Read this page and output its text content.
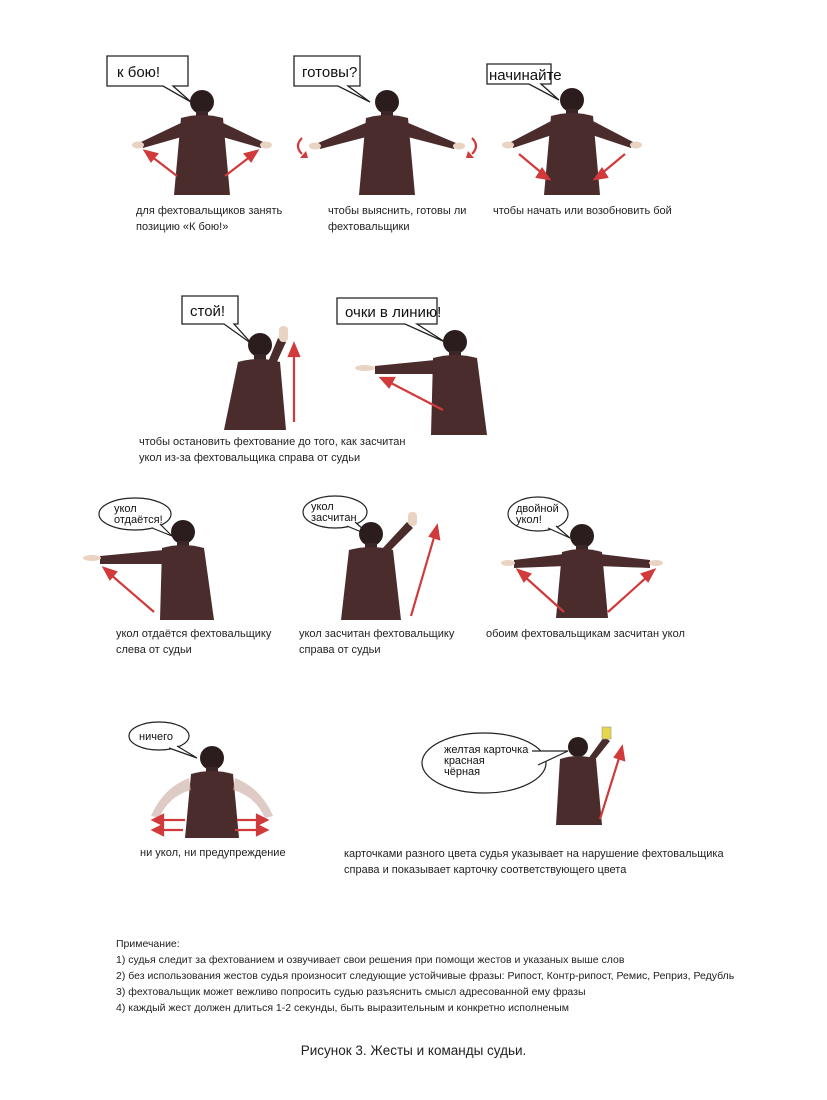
к бою!
для фехтовальщиков занять
позицию «К бою!»
готовы?
чтобы выяснить, готовы ли
фехтовальщики
начинайте
чтобы начать или возобновить бой
стой!	очки в линию!
чтобы остановить фехтование до того, как засчитан
укол из-за фехтовальщика справа от судьи
укол
отдаётся!
укол отдаётся фехтовальщику
слева от судьи
укол
засчитан
укол засчитан фехтовальщику
справа от судьи
двойной
укол!
обоим фехтовальщикам засчитан укол
ничего
ни укол, ни предупреждение
желтая карточка
красная
чёрная
карточками разного цвета судья указывает на нарушение фехтовальщика
справа и показывает карточку соответствующего цвета
Примечание:
1) судья следит за фехтованием и озвучивает свои решения при помощи жестов и указаных выше слов
2) без использования жестов судья произносит следующие устойчивые фразы: Рипост, Контр-рипост, Ремис, Реприз, Редубль
3) фехтовальщик может вежливо попросить судью разъяснить смысл адресованной ему фразы
4) каждый жест должен длиться 1-2 секунды, быть выразительным и конкретно исполненым
Рисунок 3. Жесты и команды судьи.
